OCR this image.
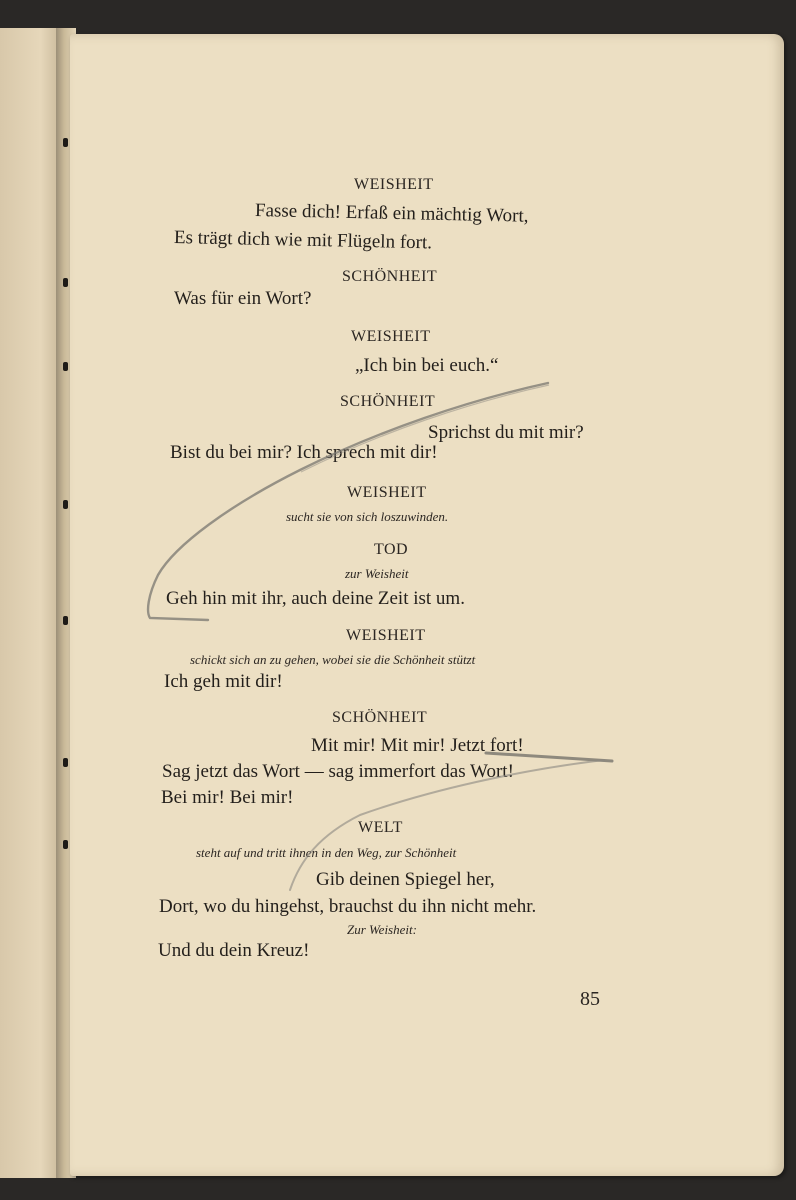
WEISHEIT
Fasse dich! Erfaß ein mächtig Wort,
Es trägt dich wie mit Flügeln fort.
SCHÖNHEIT
Was für ein Wort?
WEISHEIT
„Ich bin bei euch.“
SCHÖNHEIT
Sprichst du mit mir?
Bist du bei mir? Ich sprech mit dir!
WEISHEIT
sucht sie von sich loszuwinden.
TOD
zur Weisheit
Geh hin mit ihr, auch deine Zeit ist um.
WEISHEIT
schickt sich an zu gehen, wobei sie die Schönheit stützt
Ich geh mit dir!
SCHÖNHEIT
Mit mir! Mit mir! Jetzt fort!
Sag jetzt das Wort — sag immerfort das Wort!
Bei mir! Bei mir!
WELT
steht auf und tritt ihnen in den Weg, zur Schönheit
Gib deinen Spiegel her,
Dort, wo du hingehst, brauchst du ihn nicht mehr.
Zur Weisheit:
Und du dein Kreuz!
85
